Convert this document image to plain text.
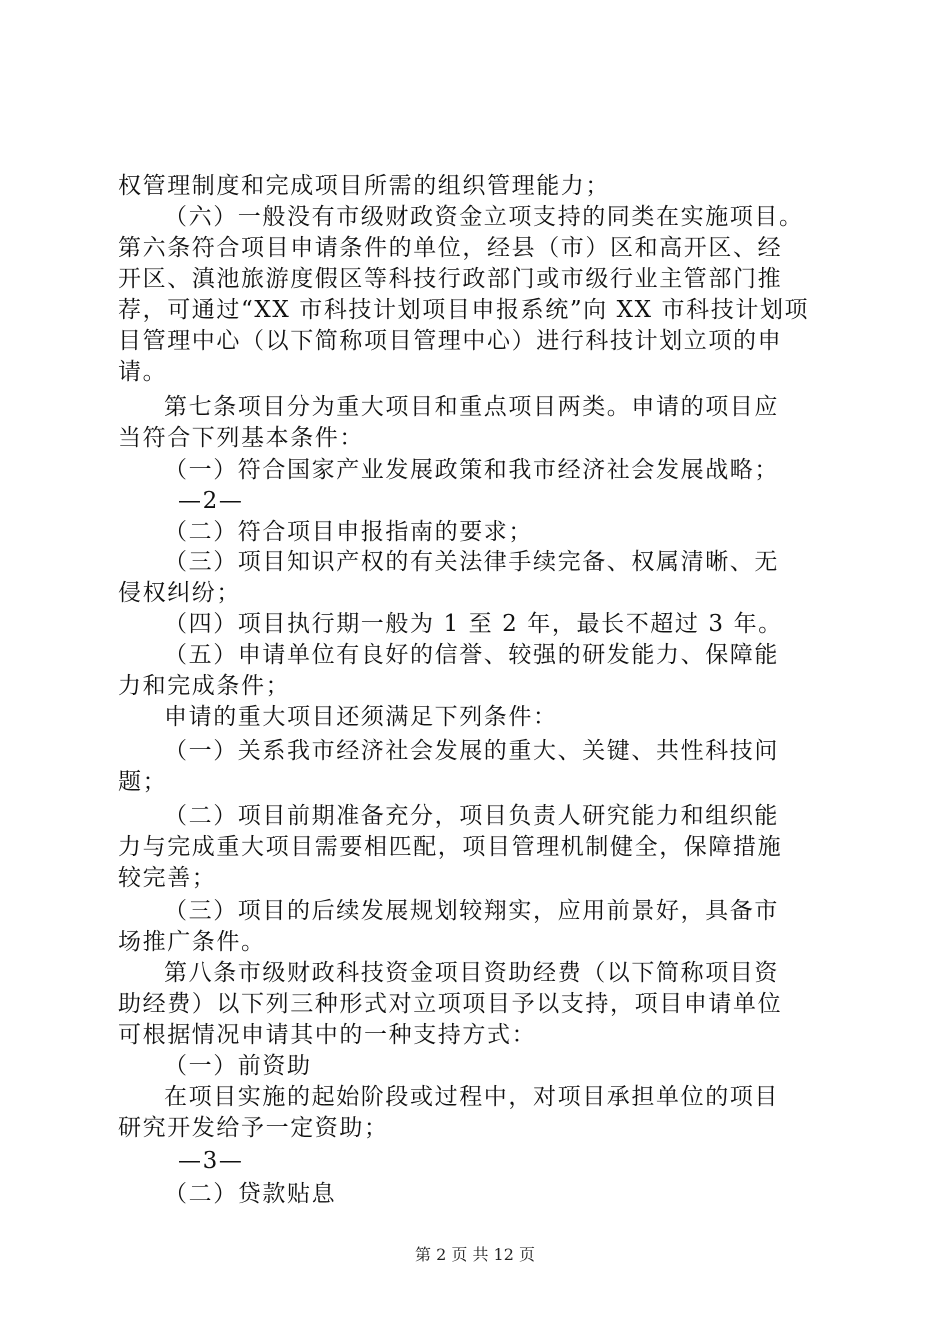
权管理制度和完成项目所需的组织管理能力；
（六）一般没有市级财政资金立项支持的同类在实施项目。
第六条符合项目申请条件的单位，经县（市）区和高开区、经
开区、滇池旅游度假区等科技行政部门或市级行业主管部门推
荐，可通过“XX 市科技计划项目申报系统”向 XX 市科技计划项
目管理中心（以下简称项目管理中心）进行科技计划立项的申
请。
第七条项目分为重大项目和重点项目两类。申请的项目应
当符合下列基本条件：
（一）符合国家产业发展政策和我市经济社会发展战略；
—2—
（二）符合项目申报指南的要求；
（三）项目知识产权的有关法律手续完备、权属清晰、无
侵权纠纷；
（四）项目执行期一般为 1 至 2 年，最长不超过 3 年。
（五）申请单位有良好的信誉、较强的研发能力、保障能
力和完成条件；
申请的重大项目还须满足下列条件：
（一）关系我市经济社会发展的重大、关键、共性科技问
题；
（二）项目前期准备充分，项目负责人研究能力和组织能
力与完成重大项目需要相匹配，项目管理机制健全，保障措施
较完善；
（三）项目的后续发展规划较翔实，应用前景好，具备市
场推广条件。
第八条市级财政科技资金项目资助经费（以下简称项目资
助经费）以下列三种形式对立项项目予以支持，项目申请单位
可根据情况申请其中的一种支持方式：
（一）前资助
在项目实施的起始阶段或过程中，对项目承担单位的项目
研究开发给予一定资助；
—3—
（二）贷款贴息
第 2 页 共 12 页
